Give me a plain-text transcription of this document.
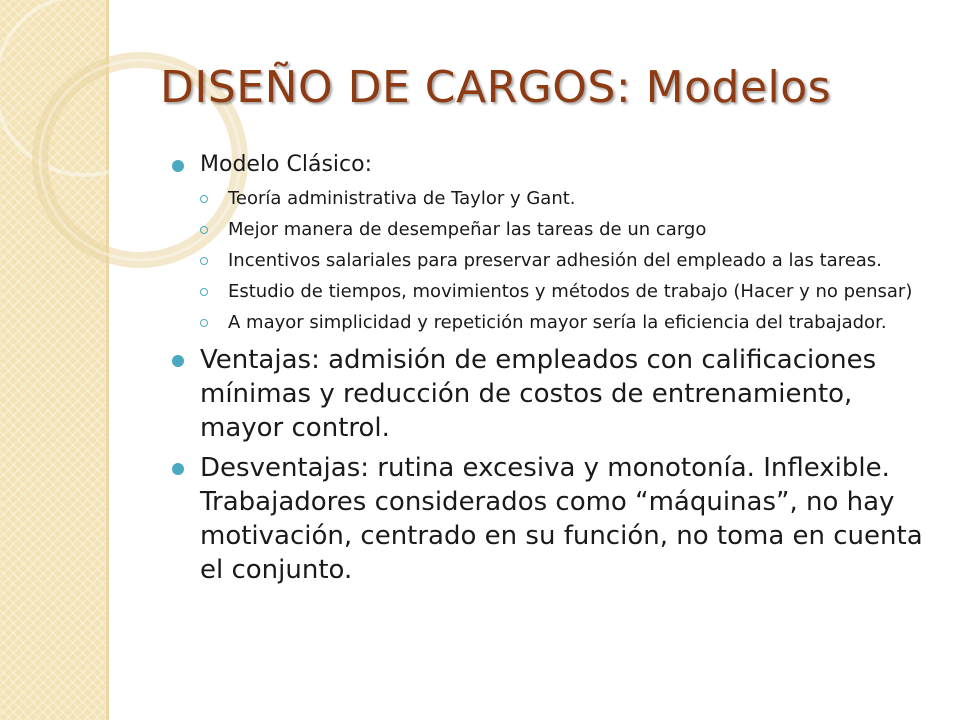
DISEÑO DE CARGOS: Modelos
Modelo Clásico:
Teoría administrativa de Taylor y Gant.
Mejor manera de desempeñar las tareas de un cargo
Incentivos salariales para preservar adhesión del empleado a las tareas.
Estudio de tiempos, movimientos y métodos de trabajo (Hacer y no pensar)
A mayor simplicidad y repetición mayor sería la eficiencia del trabajador.
Ventajas: admisión de empleados con calificaciones mínimas y reducción de costos de entrenamiento, mayor control.
Desventajas: rutina excesiva y monotonía. Inflexible. Trabajadores considerados como “máquinas”, no hay motivación, centrado en su función, no toma en cuenta el conjunto.
